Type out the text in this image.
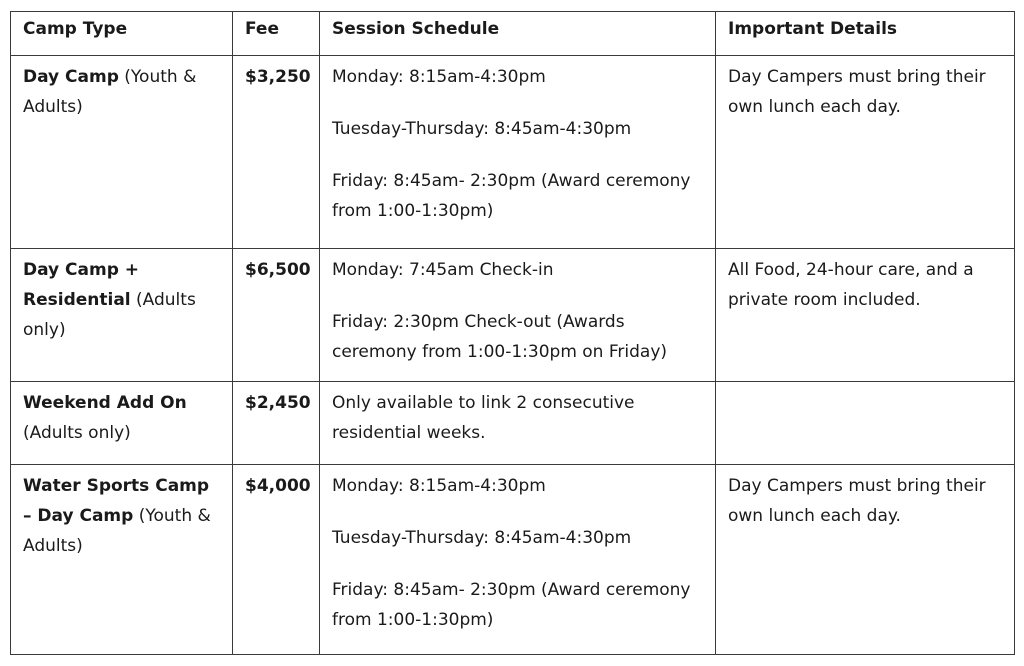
Camp Type	Fee	Session Schedule	Important Details
Day Camp (Youth & Adults)	$3,250	Monday: 8:15am-4:30pm

Tuesday-Thursday: 8:45am-4:30pm

Friday: 8:45am- 2:30pm (Award ceremony from 1:00-1:30pm)	Day Campers must bring their own lunch each day.
Day Camp + Residential (Adults only)	$6,500	Monday: 7:45am Check-in

Friday: 2:30pm Check-out (Awards ceremony from 1:00-1:30pm on Friday)	All Food, 24-hour care, and a private room included.
Weekend Add On (Adults only)	$2,450	Only available to link 2 consecutive residential weeks.	

Water Sports Camp – Day Camp (Youth & Adults)	$4,000	Monday: 8:15am-4:30pm

Tuesday-Thursday: 8:45am-4:30pm

Friday: 8:45am- 2:30pm (Award ceremony from 1:00-1:30pm)	Day Campers must bring their own lunch each day.
